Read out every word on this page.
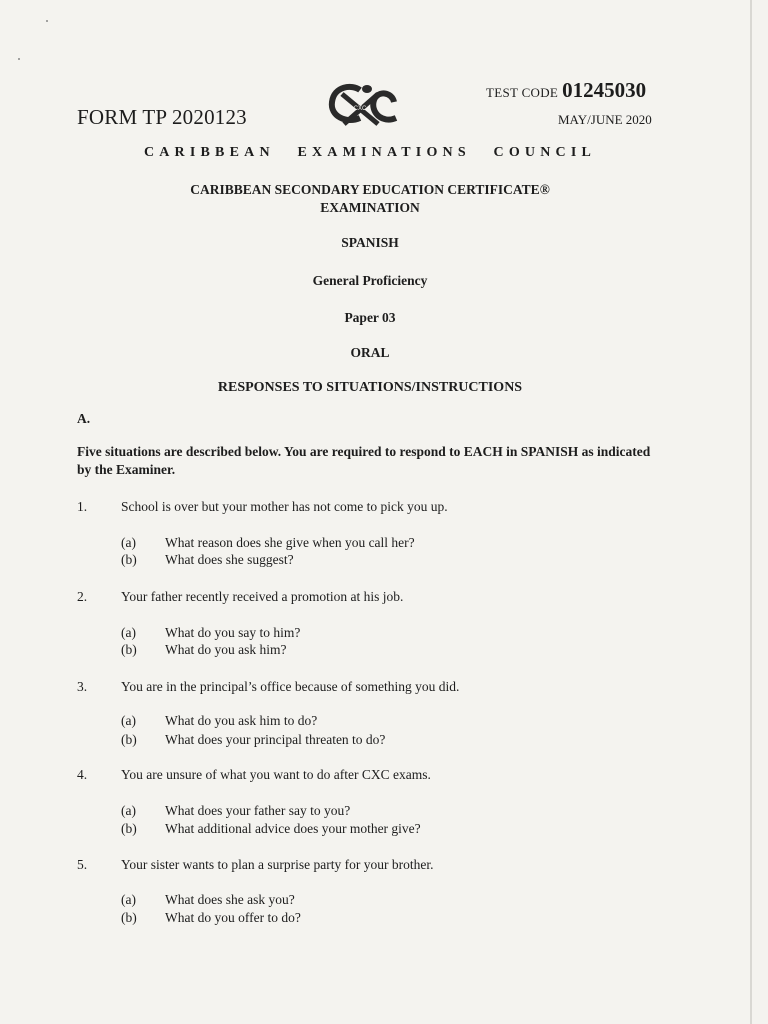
FORM TP 2020123	CXC
TEST CODE 01245030
MAY/JUNE 2020
CARIBBEAN EXAMINATIONS COUNCIL
CARIBBEAN SECONDARY EDUCATION CERTIFICATE®
EXAMINATION
SPANISH
General Proficiency
Paper 03
ORAL
RESPONSES TO SITUATIONS/INSTRUCTIONS
A.
Five situations are described below. You are required to respond to EACH in SPANISH as indicated by the Examiner.
1.	School is over but your mother has not come to pick you up.
(a) What reason does she give when you call her?
(b) What does she suggest?
2.	Your father recently received a promotion at his job.
(a) What do you say to him?
(b) What do you ask him?
3.	You are in the principal’s office because of something you did.
(a) What do you ask him to do?
(b) What does your principal threaten to do?
4.	You are unsure of what you want to do after CXC exams.
(a) What does your father say to you?
(b) What additional advice does your mother give?
5.	Your sister wants to plan a surprise party for your brother.
(a) What does she ask you?
(b) What do you offer to do?
